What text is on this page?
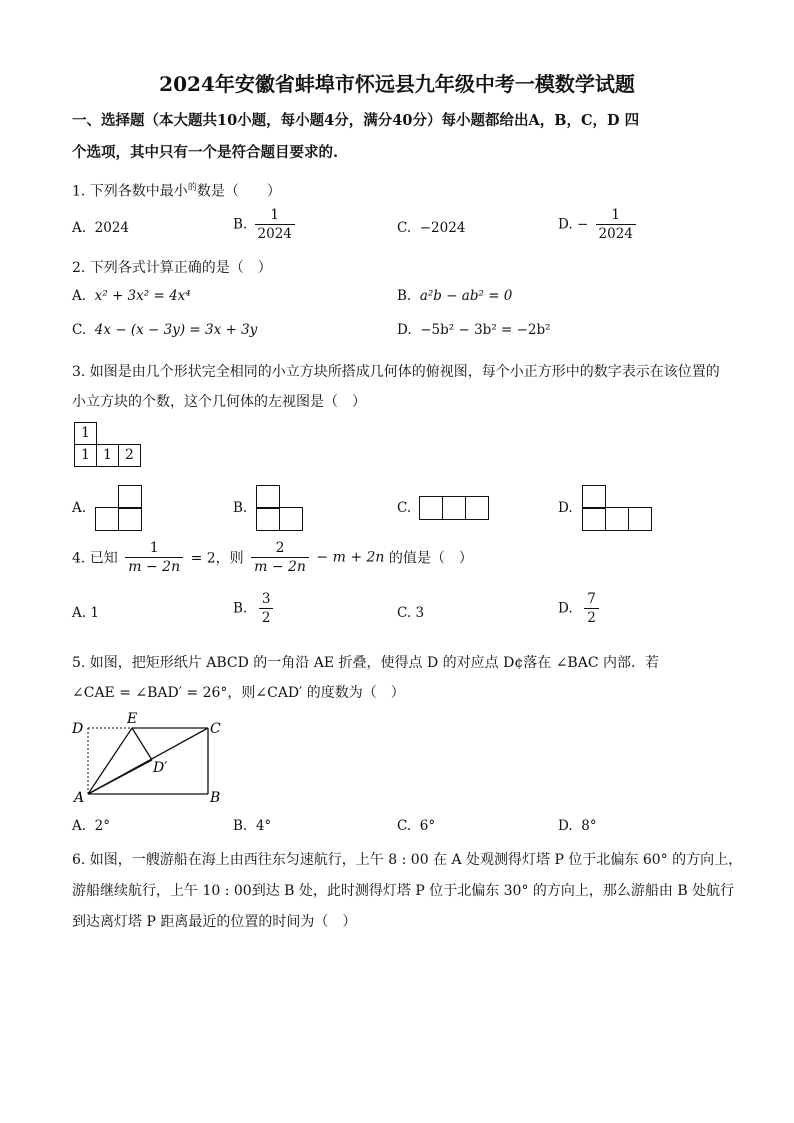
2024年安徽省蚌埠市怀远县九年级中考一模数学试题
一、选择题（本大题共10小题，每小题4分，满分40分）每小题都给出A，B，C，D 四
个选项，其中只有一个是符合题目要求的.
1. 下列各数中最小$^的$数是（　　）
A. 2024	B. $\frac{1}{2024}$	C. −2024	D. − $\frac{1}{2024}$
2. 下列各式计算正确的是（　）
A. x² + 3x² = 4x⁴	B. a²b − ab² = 0
C. 4x − (x − 3y) = 3x + 3y	D. −5b² − 3b² = −2b²
3. 如图是由几个形状完全相同的小立方块所搭成几何体的俯视图，每个小正方形中的数字表示在该位置的
小立方块的个数，这个几何体的左视图是（　）
1
1 1 2
A.	B.	C.	D.
4. 已知 $\frac{1}{m - 2n} = 2$，则 $\frac{2}{m - 2n} - m + 2n$ 的值是（　）
A. 1	B. $\frac{3}{2}$	C. 3	D. $\frac{7}{2}$
5. 如图，把矩形纸片 ABCD 的一角沿 AE 折叠，使得点 D 的对应点 D¢落在 ∠BAC 内部．若
∠CAE = ∠BAD′ = 26°，则∠CAD′ 的度数为（　）
D
E
C
D′
A	B
A. 2°	B. 4°	C. 6°	D. 8°
6. 如图，一艘游船在海上由西往东匀速航行，上午 8 : 00 在 A 处观测得灯塔 P 位于北偏东 60° 的方向上，
游船继续航行，上午 10 : 00到达 B 处，此时测得灯塔 P 位于北偏东 30° 的方向上，那么游船由 B 处航行
到达离灯塔 P 距离最近的位置的时间为（　）
